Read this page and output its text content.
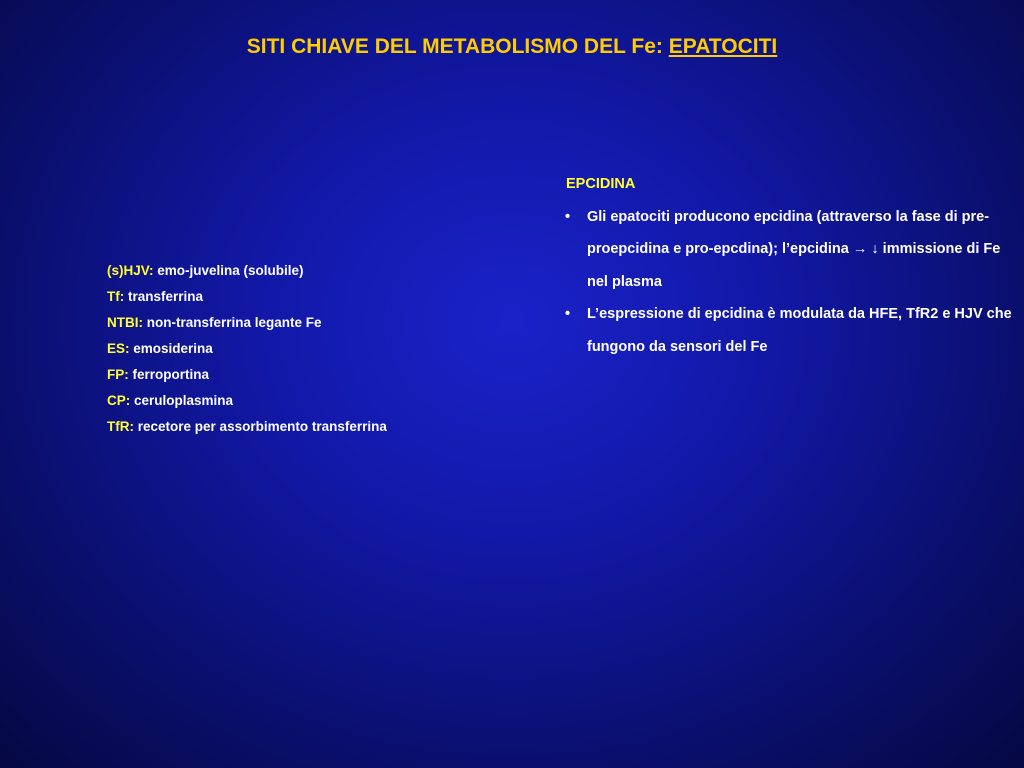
SITI CHIAVE DEL METABOLISMO DEL Fe: EPATOCITI
(s)HJV: emo-juvelina (solubile)
Tf: transferrina
NTBI: non-transferrina legante Fe
ES: emosiderina
FP: ferroportina
CP: ceruloplasmina
TfR: recetore per assorbimento transferrina
EPCIDINA
• Gli epatociti producono epcidina (attraverso la fase di pre-proepcidina e pro-epcdina); l’epcidina → ↓ immissione di Fe nel plasma
• L’espressione di epcidina è modulata da HFE, TfR2 e HJV che fungono da sensori del Fe
